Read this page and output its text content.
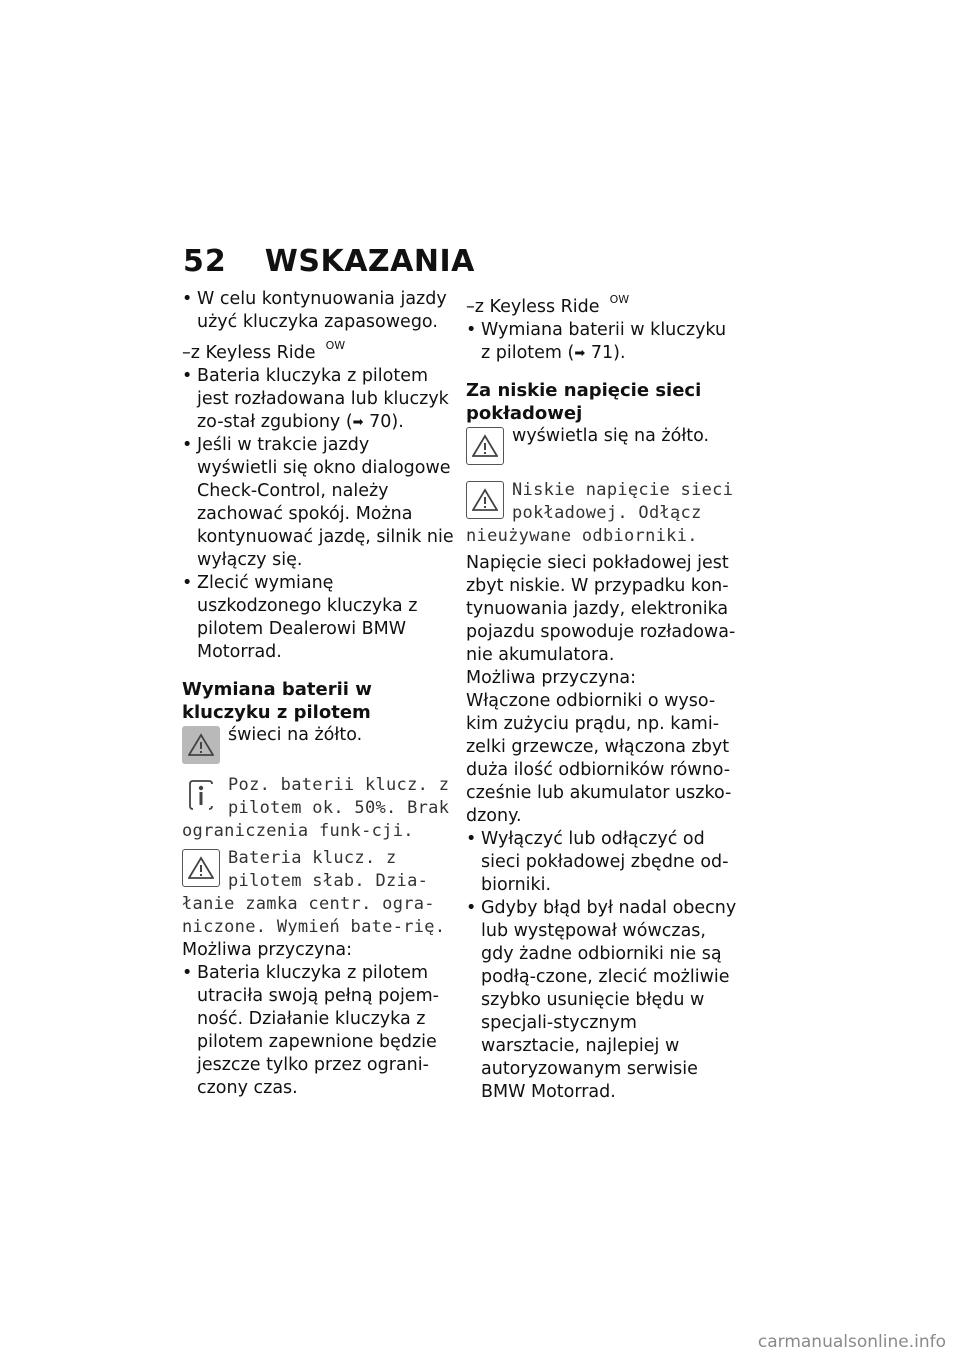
52 WSKAZANIA

• W celu kontynuowania jazdy użyć kluczyka zapasowego.

–z Keyless Ride $^{OW}$

• Bateria kluczyka z pilotem jest rozładowana lub kluczyk zo-stał zgubiony (➡ 70).

• Jeśli w trakcie jazdy wyświetli się okno dialogowe Check-Control, należy zachować spokój. Można kontynuować jazdę, silnik nie wyłączy się.

• Zlecić wymianę uszkodzonego kluczyka z pilotem Dealerowi BMW Motorrad.

Wymiana baterii w kluczyku z pilotem

świeci na żółto.
Poz. baterii klucz. z pilotem ok. 50%. Brak ograniczenia funk-cji.
Bateria klucz. z pilotem słab. Dzia-łanie zamka centr. ogra-niczone. Wymień bate-rię.

Możliwa przyczyna:

• Bateria kluczyka z pilotem utraciła swoją pełną pojem-ność. Działanie kluczyka z pilotem zapewnione będzie jeszcze tylko przez ograni-czony czas.

–z Keyless Ride $^{OW}$

• Wymiana baterii w kluczyku z pilotem (➡ 71).

Za niskie napięcie sieci pokładowej

wyświetla się na żółto.
Niskie napięcie sieci pokładowej. Odłącz nieużywane odbiorniki.

Napięcie sieci pokładowej jest zbyt niskie. W przypadku kon-tynuowania jazdy, elektronika pojazdu spowoduje rozładowa-nie akumulatora.

Możliwa przyczyna:

Włączone odbiorniki o wyso-kim zużyciu prądu, np. kami-zelki grzewcze, włączona zbyt duża ilość odbiorników równo-cześnie lub akumulator uszko-dzony.

• Wyłączyć lub odłączyć od sieci pokładowej zbędne od-biorniki.

• Gdyby błąd był nadal obecny lub występował wówczas, gdy żadne odbiorniki nie są podłą-czone, zlecić możliwie szybko usunięcie błędu w specjali-stycznym warsztacie, najlepiej w autoryzowanym serwisie BMW Motorrad.

carmanualsonline.info
